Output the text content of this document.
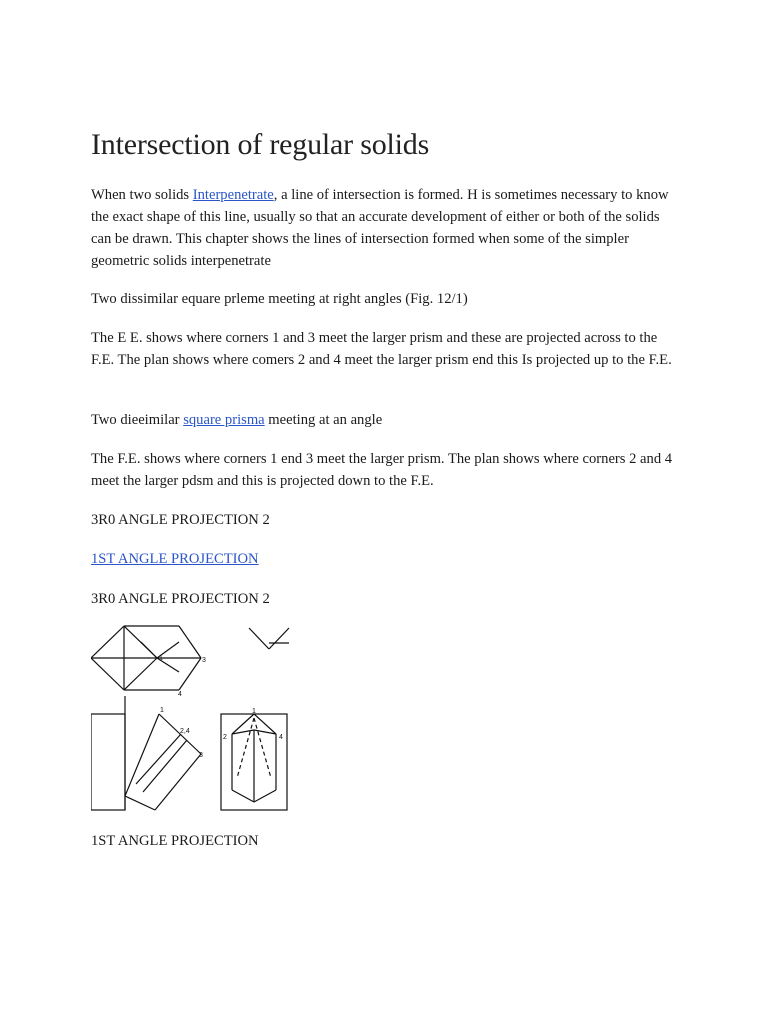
Intersection of regular solids

When two solids Interpenetrate, a line of intersection is formed. H is sometimes necessary to know the exact shape of this line, usually so that an accurate development of either or both of the solids can be drawn. This chapter shows the lines of intersection formed when some of the simpler geometric solids interpenetrate

Two dissimilar equare prleme meeting at right angles (Fig. 12/1)

The E E. shows where corners 1 and 3 meet the larger prism and these are projected across to the F.E. The plan shows where comers 2 and 4 meet the larger prism end this Is projected up to the F.E.

Two dieeimilar square prisma meeting at an angle

The F.E. shows where corners 1 end 3 meet the larger prism. The plan shows where corners 2 and 4 meet the larger pdsm and this is projected down to the F.E.

3R0 ANGLE PROJECTION 2

1ST ANGLE PROJECTION

3R0 ANGLE PROJECTION 2

1	3
4
1
2,4
3
1
2	4

1ST ANGLE PROJECTION
